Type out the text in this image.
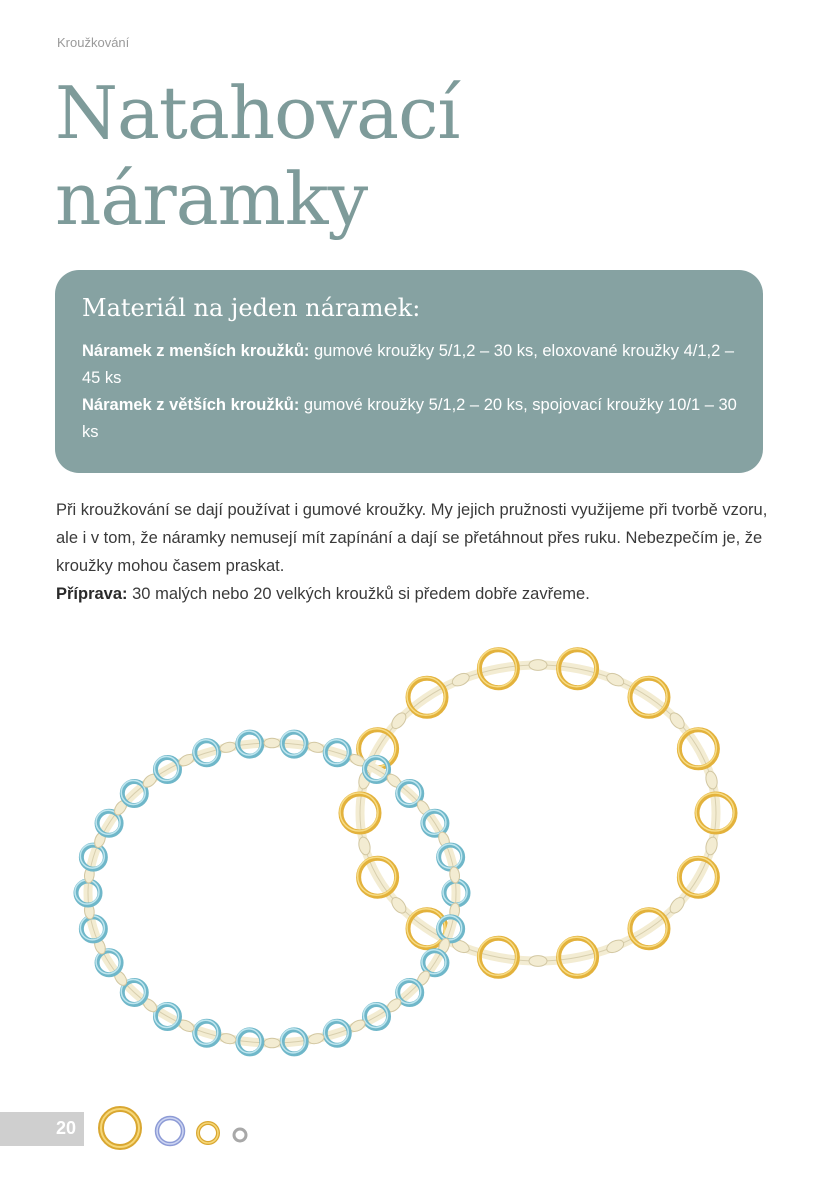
Kroužkování
Natahovací
náramky
Materiál na jeden náramek:

Náramek z menších kroužků: gumové kroužky 5/1,2 – 30 ks, eloxované kroužky 4/1,2 – 45 ks

Náramek z větších kroužků: gumové kroužky 5/1,2 – 20 ks, spojovací kroužky 10/1 – 30 ks

Při kroužkování se dají používat i gumové kroužky. My jejich pružnosti využijeme při tvorbě vzoru, ale i v tom, že náramky nemusejí mít zapínání a dají se přetáhnout přes ruku. Nebezpečím je, že kroužky mohou časem praskat.

Příprava: 30 malých nebo 20 velkých kroužků si předem dobře zavřeme.

20
